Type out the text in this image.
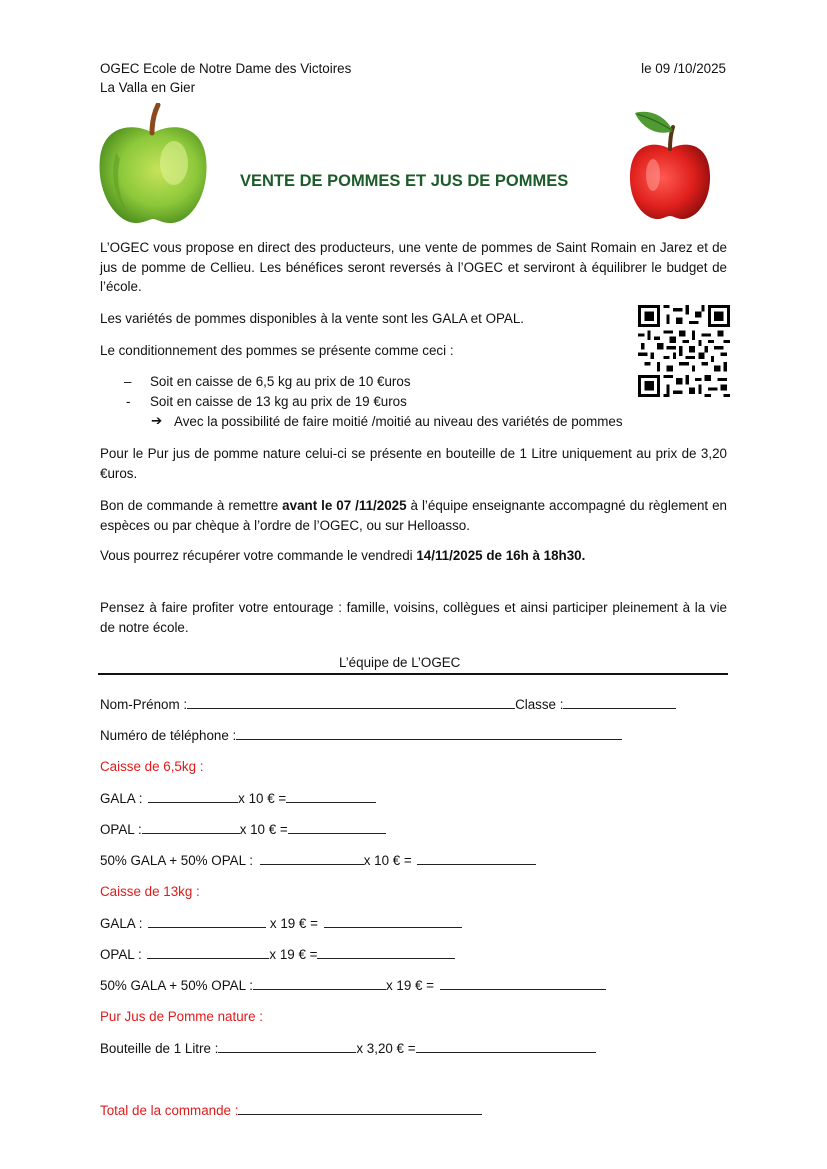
OGEC Ecole de Notre Dame des Victoires
La Valla en Gier
le 09 /10/2025
VENTE DE POMMES ET JUS DE POMMES
L’OGEC vous propose en direct des producteurs, une vente de pommes de Saint Romain en Jarez et de jus de pomme de Cellieu. Les bénéfices seront reversés à l’OGEC et serviront à équilibrer le budget de l’école.
Les variétés de pommes disponibles à la vente sont les GALA et OPAL.
Le conditionnement des pommes se présente comme ceci :
– Soit en caisse de 6,5 kg au prix de 10 €uros
- Soit en caisse de 13 kg au prix de 19 €uros
➔ Avec la possibilité de faire moitié /moitié au niveau des variétés de pommes
Pour le Pur jus de pomme nature celui-ci se présente en bouteille de 1 Litre uniquement au prix de 3,20 €uros.
Bon de commande à remettre avant le 07 /11/2025 à l’équipe enseignante accompagné du règlement en espèces ou par chèque à l’ordre de l’OGEC, ou sur Helloasso.
Vous pourrez récupérer votre commande le vendredi 14/11/2025 de 16h à 18h30.
Pensez à faire profiter votre entourage : famille, voisins, collègues et ainsi participer pleinement à la vie de notre école.
L’équipe de L’OGEC
Nom-Prénom :	Classe :
Numéro de téléphone :
Caisse de 6,5kg :
GALA :	x 10 € =
OPAL :	x 10 € =
50% GALA + 50% OPAL :	x 10 € =
Caisse de 13kg :
GALA :	x 19 € =
OPAL :	x 19 € =
50% GALA + 50% OPAL :	x 19 € =
Pur Jus de Pomme nature :
Bouteille de 1 Litre :	x 3,20 € =
Total de la commande :
